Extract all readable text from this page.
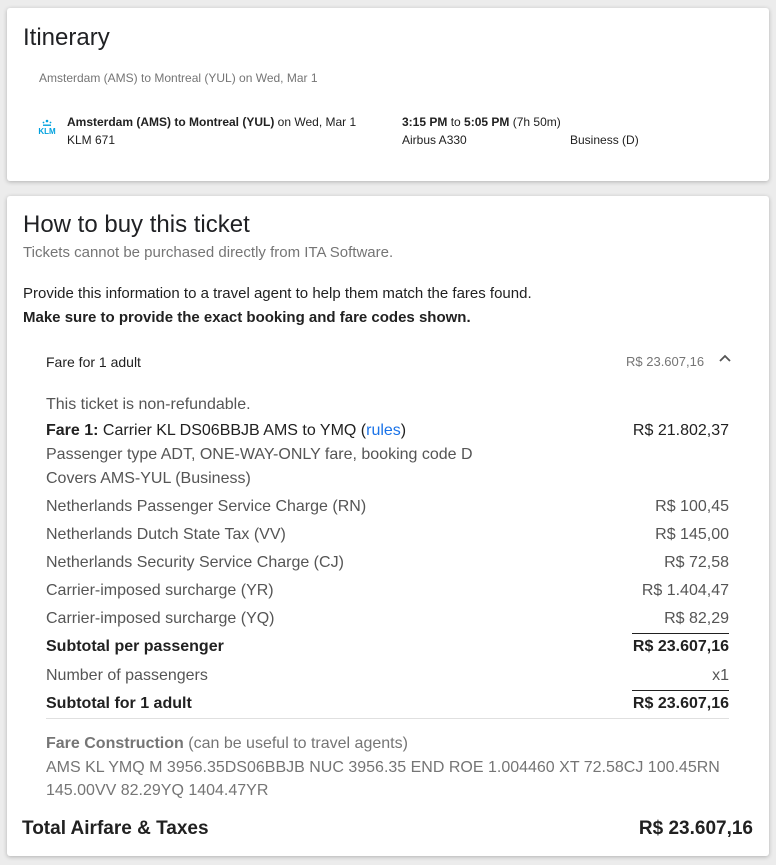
Itinerary
Amsterdam (AMS) to Montreal (YUL) on Wed, Mar 1
KLM
Amsterdam (AMS) to Montreal (YUL) on Wed, Mar 1
KLM 671
3:15 PM to 5:05 PM (7h 50m)
Airbus A330	Business (D)
How to buy this ticket
Tickets cannot be purchased directly from ITA Software.
Provide this information to a travel agent to help them match the fares found.
Make sure to provide the exact booking and fare codes shown.
Fare for 1 adult	R$ 23.607,16
This ticket is non-refundable.
Fare 1: Carrier KL DS06BBJB AMS to YMQ (rules)	R$ 21.802,37
Passenger type ADT, ONE-WAY-ONLY fare, booking code D
Covers AMS-YUL (Business)
Netherlands Passenger Service Charge (RN)	R$ 100,45
Netherlands Dutch State Tax (VV)	R$ 145,00
Netherlands Security Service Charge (CJ)	R$ 72,58
Carrier-imposed surcharge (YR)	R$ 1.404,47
Carrier-imposed surcharge (YQ)	R$ 82,29
Subtotal per passenger	R$ 23.607,16
Number of passengers	x1
Subtotal for 1 adult	R$ 23.607,16
Fare Construction (can be useful to travel agents)
AMS KL YMQ M 3956.35DS06BBJB NUC 3956.35 END ROE 1.004460 XT 72.58CJ 100.45RN
145.00VV 82.29YQ 1404.47YR
Total Airfare & Taxes	R$ 23.607,16
